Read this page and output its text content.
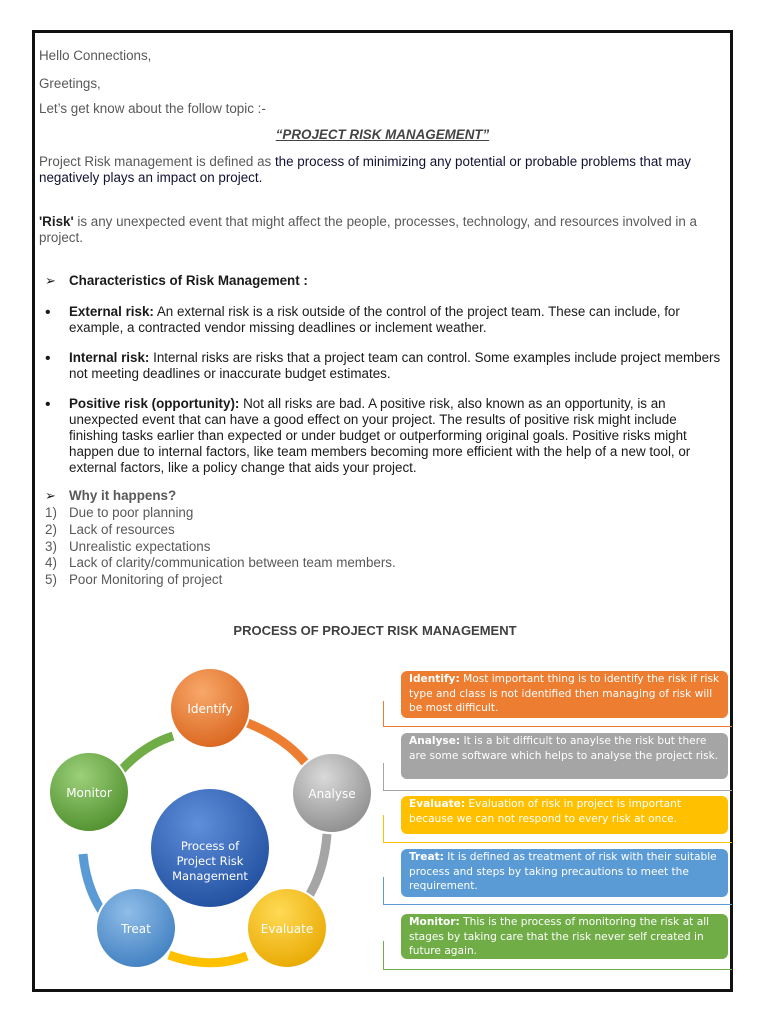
Hello Connections,
Greetings,
Let’s get know about the follow topic :-
“PROJECT RISK MANAGEMENT”
Project Risk management is defined as the process of minimizing any potential or probable problems that may negatively plays an impact on project.
'Risk' is any unexpected event that might affect the people, processes, technology, and resources involved in a project.
➢ Characteristics of Risk Management :
• External risk: An external risk is a risk outside of the control of the project team. These can include, for example, a contracted vendor missing deadlines or inclement weather.
• Internal risk: Internal risks are risks that a project team can control. Some examples include project members not meeting deadlines or inaccurate budget estimates.
• Positive risk (opportunity): Not all risks are bad. A positive risk, also known as an opportunity, is an unexpected event that can have a good effect on your project. The results of positive risk might include finishing tasks earlier than expected or under budget or outperforming original goals. Positive risks might happen due to internal factors, like team members becoming more efficient with the help of a new tool, or external factors, like a policy change that aids your project.
➢ Why it happens?
1) Due to poor planning
2) Lack of resources
3) Unrealistic expectations
4) Lack of clarity/communication between team members.
5) Poor Monitoring of project
PROCESS OF PROJECT RISK MANAGEMENT
Process of
Project Risk
Management
Identify
Analyse
Evaluate
Treat
Monitor
Identify: Most important thing is to identify the risk if risk type and class is not identified then managing of risk will be most difficult.
Analyse: It is a bit difficult to anaylse the risk but there are some software which helps to analyse the project risk.
Evaluate: Evaluation of risk in project is important because we can not respond to every risk at once.
Treat: It is defined as treatment of risk with their suitable process and steps by taking precautions to meet the requirement.
Monitor: This is the process of monitoring the risk at all stages by taking care that the risk never self created in future again.
